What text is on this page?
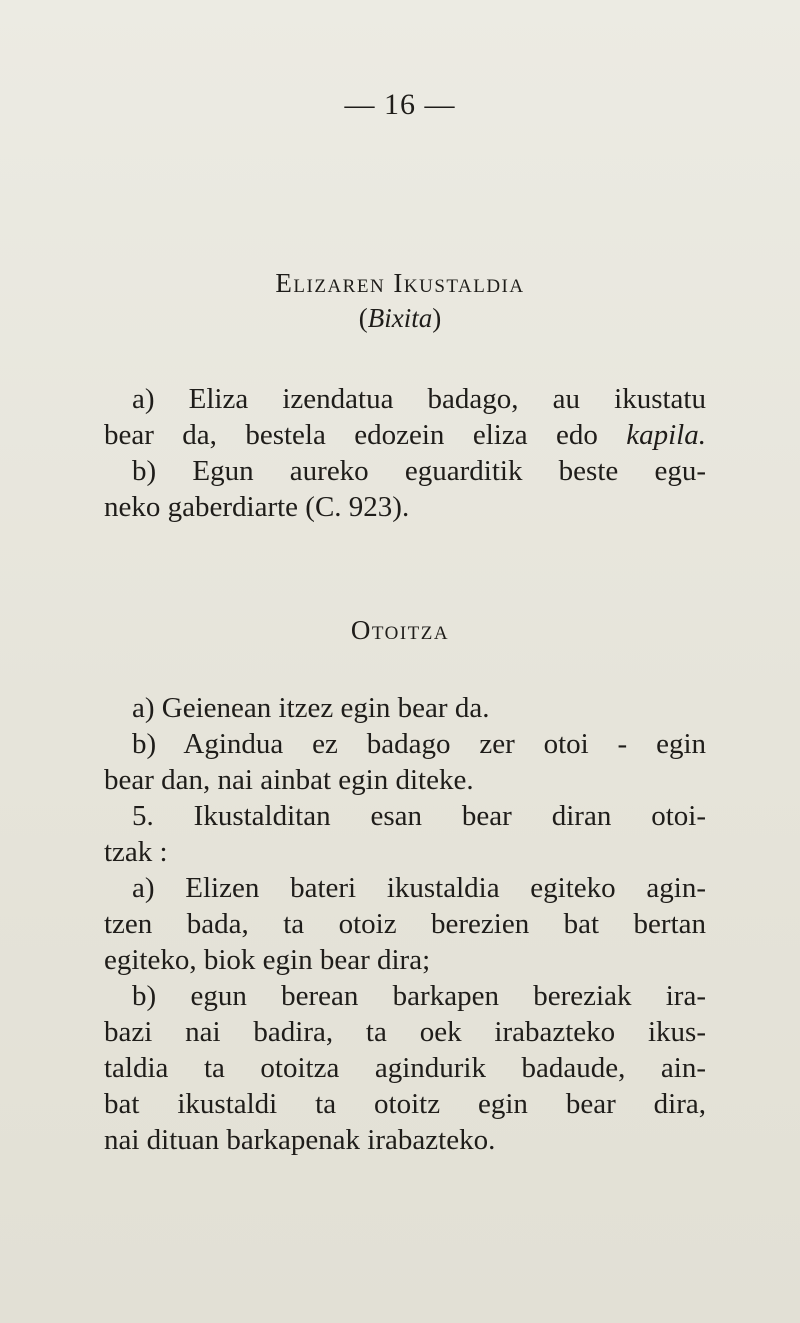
— 16 —
Elizaren Ikustaldia
(Bixita)
a) Eliza izendatua badago, au ikustatu
bear da, bestela edozein eliza edo kapila.
b) Egun aureko eguarditik beste egu-
neko gaberdiarte (C. 923).
Otoitza
a) Geienean itzez egin bear da.
b) Agindua ez badago zer otoi - egin
bear dan, nai ainbat egin diteke.
5. Ikustalditan esan bear diran otoi-
tzak :
a) Elizen bateri ikustaldia egiteko agin-
tzen bada, ta otoiz berezien bat bertan
egiteko, biok egin bear dira;
b) egun berean barkapen bereziak ira-
bazi nai badira, ta oek irabazteko ikus-
taldia ta otoitza agindurik badaude, ain-
bat ikustaldi ta otoitz egin bear dira,
nai dituan barkapenak irabazteko.
